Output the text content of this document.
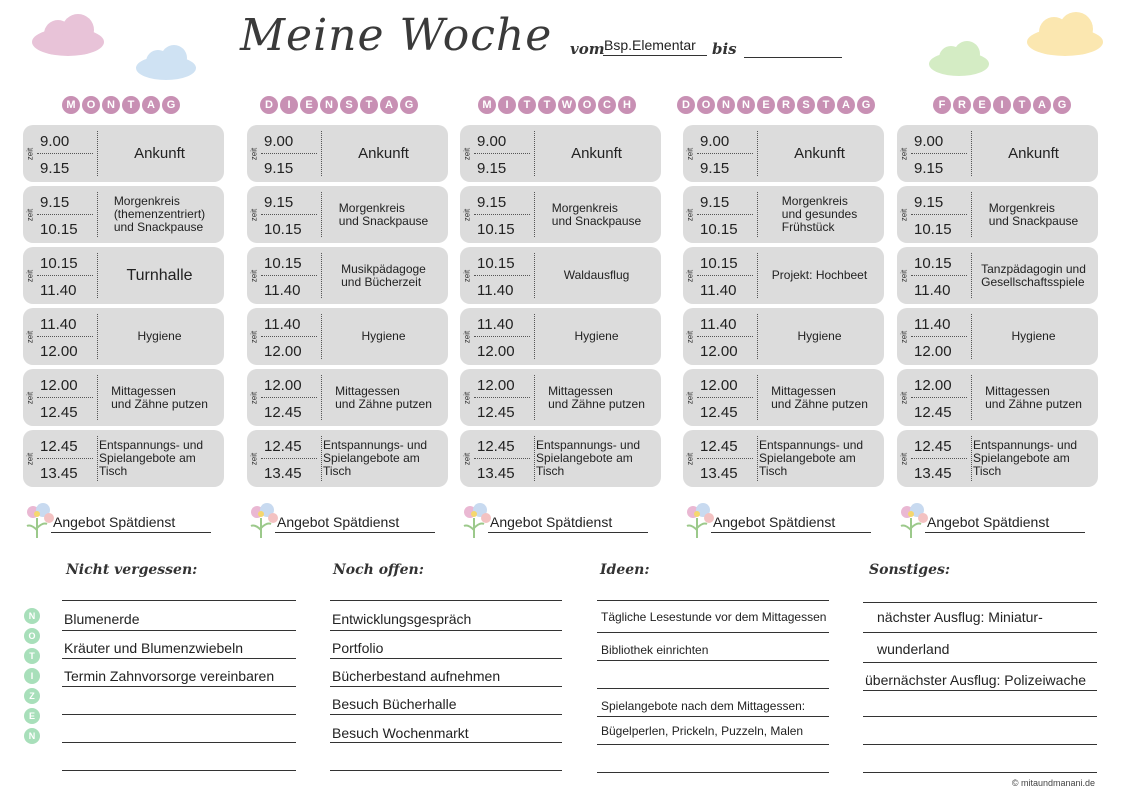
Meine Woche vom Bsp.Elementar bis
M	O	N	T	A	G
zeit
9.00
9.15
Ankunft
zeit
9.15
10.15
Morgenkreis
(themenzentriert)
und Snackpause
zeit
10.15
11.40
Turnhalle
zeit
11.40
12.00
Hygiene
zeit
12.00
12.45
Mittagessen
und Zähne putzen
zeit
12.45
13.45
Entspannungs- und
Spielangebote am Tisch
Angebot Spätdienst
D	I	E	N	S	T	A	G
zeit
9.00
9.15
Ankunft
zeit
9.15
10.15
Morgenkreis
und Snackpause
zeit
10.15
11.40
Musikpädagoge
und Bücherzeit
zeit
11.40
12.00
Hygiene
zeit
12.00
12.45
Mittagessen
und Zähne putzen
zeit
12.45
13.45
Entspannungs- und
Spielangebote am Tisch
Angebot Spätdienst
M	I	T	T	W O	C	H
zeit
9.00
9.15
Ankunft
zeit
9.15
10.15
Morgenkreis
und Snackpause
zeit
10.15
11.40
Waldausflug
zeit
11.40
12.00
Hygiene
zeit
12.00
12.45
Mittagessen
und Zähne putzen
zeit
12.45
13.45
Entspannungs- und
Spielangebote am Tisch
Angebot Spätdienst
D	O	N	N	E	R	S	T	A	G
zeit
9.00
9.15
Ankunft
zeit
9.15
10.15
Morgenkreis
und gesundes
Frühstück
zeit
10.15
11.40
Projekt: Hochbeet
zeit
11.40
12.00
Hygiene
zeit
12.00
12.45
Mittagessen
und Zähne putzen
zeit
12.45
13.45
Entspannungs- und
Spielangebote am Tisch
Angebot Spätdienst
F	R	E	I	T	A	G
zeit
9.00
9.15
Ankunft
zeit
9.15
10.15
Morgenkreis
und Snackpause
zeit
10.15
11.40
Tanzpädagogin und
Gesellschaftsspiele
zeit
11.40
12.00
Hygiene
zeit
12.00
12.45
Mittagessen
und Zähne putzen
zeit
12.45
13.45
Entspannungs- und
Spielangebote am Tisch
Angebot Spätdienst
N
O
T
I
Z
E
N
Nicht vergessen:
Blumenerde
Kräuter und Blumenzwiebeln
Termin Zahnvorsorge vereinbaren
Noch offen:
Entwicklungsgespräch
Portfolio
Bücherbestand aufnehmen
Besuch Bücherhalle
Besuch Wochenmarkt
Ideen:
Tägliche Lesestunde vor dem Mittagessen
Bibliothek einrichten
Spielangebote nach dem Mittagessen:
Bügelperlen, Prickeln, Puzzeln, Malen
Sonstiges:
nächster Ausflug: Miniatur-
wunderland
übernächster Ausflug: Polizeiwache
© mitaundmanani.de
